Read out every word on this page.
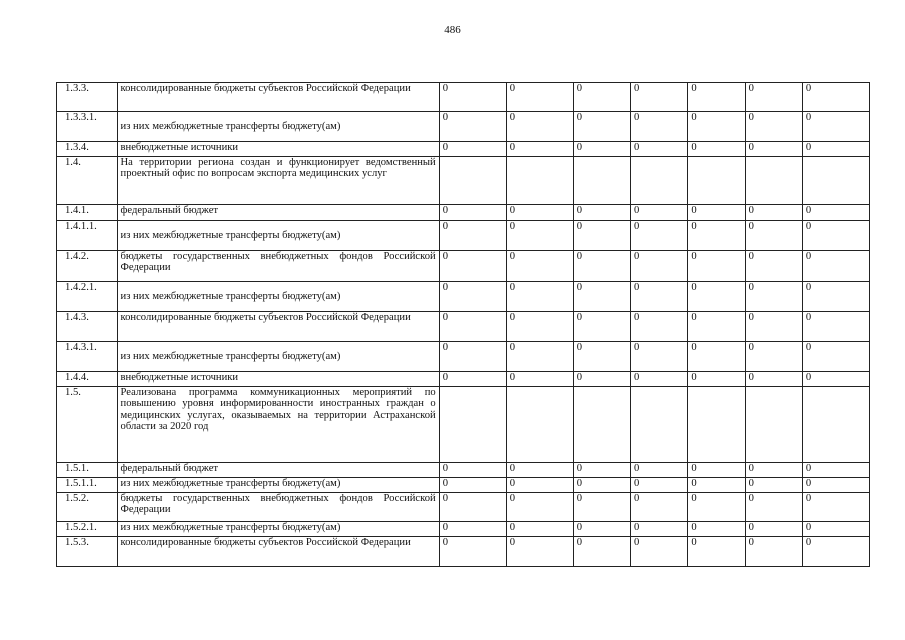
486
1.3.3.	консолидированные бюджеты субъектов Российской Федерации	0	0	0	0	0	0	0
1.3.3.1.	из них межбюджетные трансферты бюджету(ам)	0	0	0	0	0	0	0
1.3.4.	внебюджетные источники	0	0	0	0	0	0	0
1.4.	На территории региона создан и функционирует ведомственный проектный офис по вопросам экспорта медицинских услуг							
1.4.1.	федеральный бюджет	0	0	0	0	0	0	0
1.4.1.1.	из них межбюджетные трансферты бюджету(ам)	0	0	0	0	0	0	0
1.4.2.	бюджеты государственных внебюджетных фондов Российской Федерации	0	0	0	0	0	0	0
1.4.2.1.	из них межбюджетные трансферты бюджету(ам)	0	0	0	0	0	0	0
1.4.3.	консолидированные бюджеты субъектов Российской Федерации	0	0	0	0	0	0	0
1.4.3.1.	из них межбюджетные трансферты бюджету(ам)	0	0	0	0	0	0	0
1.4.4.	внебюджетные источники	0	0	0	0	0	0	0
1.5.	Реализована программа коммуникационных мероприятий по повышению уровня информированности иностранных граждан о медицинских услугах, оказываемых на территории Астраханской области за 2020 год							
1.5.1.	федеральный бюджет	0	0	0	0	0	0	0
1.5.1.1.	из них межбюджетные трансферты бюджету(ам)	0	0	0	0	0	0	0
1.5.2.	бюджеты государственных внебюджетных фондов Российской Федерации	0	0	0	0	0	0	0
1.5.2.1.	из них межбюджетные трансферты бюджету(ам)	0	0	0	0	0	0	0
1.5.3.	консолидированные бюджеты субъектов Российской Федерации	0	0	0	0	0	0	0
